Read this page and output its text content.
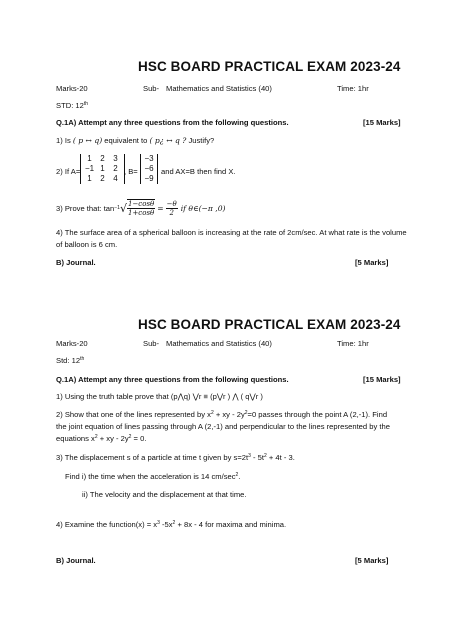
HSC BOARD PRACTICAL EXAM 2023-24
Marks-20	Sub- Mathematics and Statistics (40)	Time: 1hr
STD: 12th
Q.1A) Attempt any three questions from the following questions.	[15 Marks]
1) Is ( p ↔ q) equivalent to ( p¿ ↔ q ? Justify?
2) If A=
1	2	3
−1 1	2
1	2	4
, B=
−3
−6
−9
and AX=B then find X.
3) Prove that: tan −1 √ $\frac{1-\cos\theta}{1+\cos\theta} = \frac{-\theta}{2}$ if θ∈(−π ,0)
4) The surface area of a spherical balloon is increasing at the rate of 2cm/sec. At what rate is the volume
of balloon is 6 cm.
B) Journal.	[5 Marks]
HSC BOARD PRACTICAL EXAM 2023-24
Marks-20	Sub- Mathematics and Statistics (40)	Time: 1hr
Std: 12th
Q.1A) Attempt any three questions from the following questions.	[15 Marks]
1) Using the truth table prove that (p⋀q) ⋁r ≡ (p⋁r ) ⋀ ( q⋁r )
2) Show that one of the lines represented by $x^2$ + xy - $2y^2=0$ passes through the point A (2,-1). Find
the joint equation of lines passing through A (2,-1) and perpendicular to the lines represented by the
equations $x^2$ + xy - $2y^2 = 0$.
3) The displacement s of a particle at time t given by $s=2t^3 - 5t^2 + 4t - 3$.
Find i) the time when the acceleration is 14 $cm/\sec^2$.
ii) The velocity and the displacement at that time.
4) Examine the function(x) = $x^3$ $-5x^2 + 8x - 4$ for maxima and minima.
B) Journal.	[5 Marks]
